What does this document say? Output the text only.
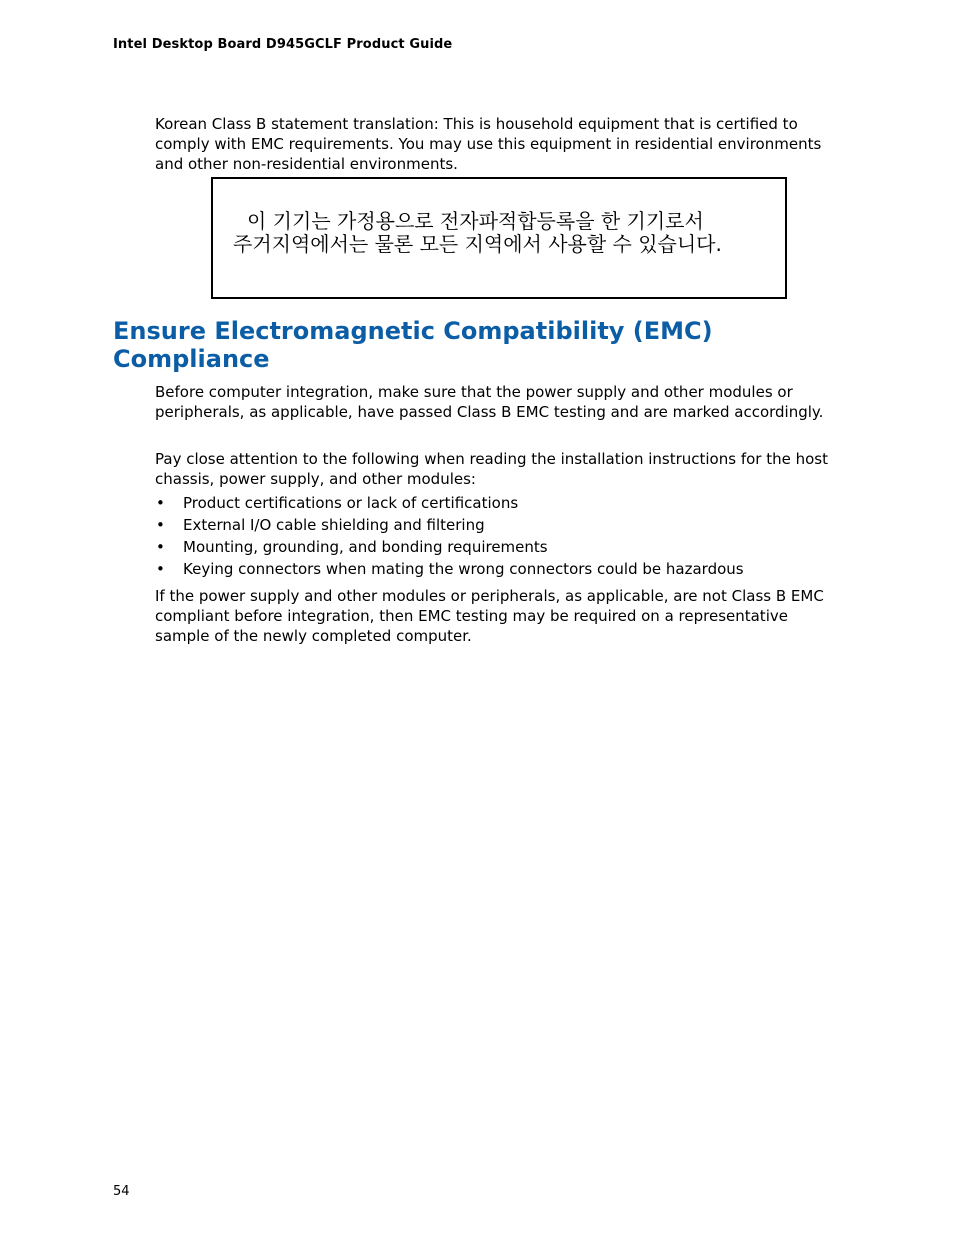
Intel Desktop Board D945GCLF Product Guide

Korean Class B statement translation: This is household equipment that is certified to comply with EMC requirements. You may use this equipment in residential environments and other non-residential environments.

이 기기는 가정용으로 전자파적합등록을 한 기기로서
주거지역에서는 물론 모든 지역에서 사용할 수 있습니다.
Ensure Electromagnetic Compatibility (EMC) Compliance

Before computer integration, make sure that the power supply and other modules or peripherals, as applicable, have passed Class B EMC testing and are marked accordingly.

Pay close attention to the following when reading the installation instructions for the host chassis, power supply, and other modules:

• Product certifications or lack of certifications
• External I/O cable shielding and filtering
• Mounting, grounding, and bonding requirements
• Keying connectors when mating the wrong connectors could be hazardous

If the power supply and other modules or peripherals, as applicable, are not Class B EMC compliant before integration, then EMC testing may be required on a representative sample of the newly completed computer.

54
